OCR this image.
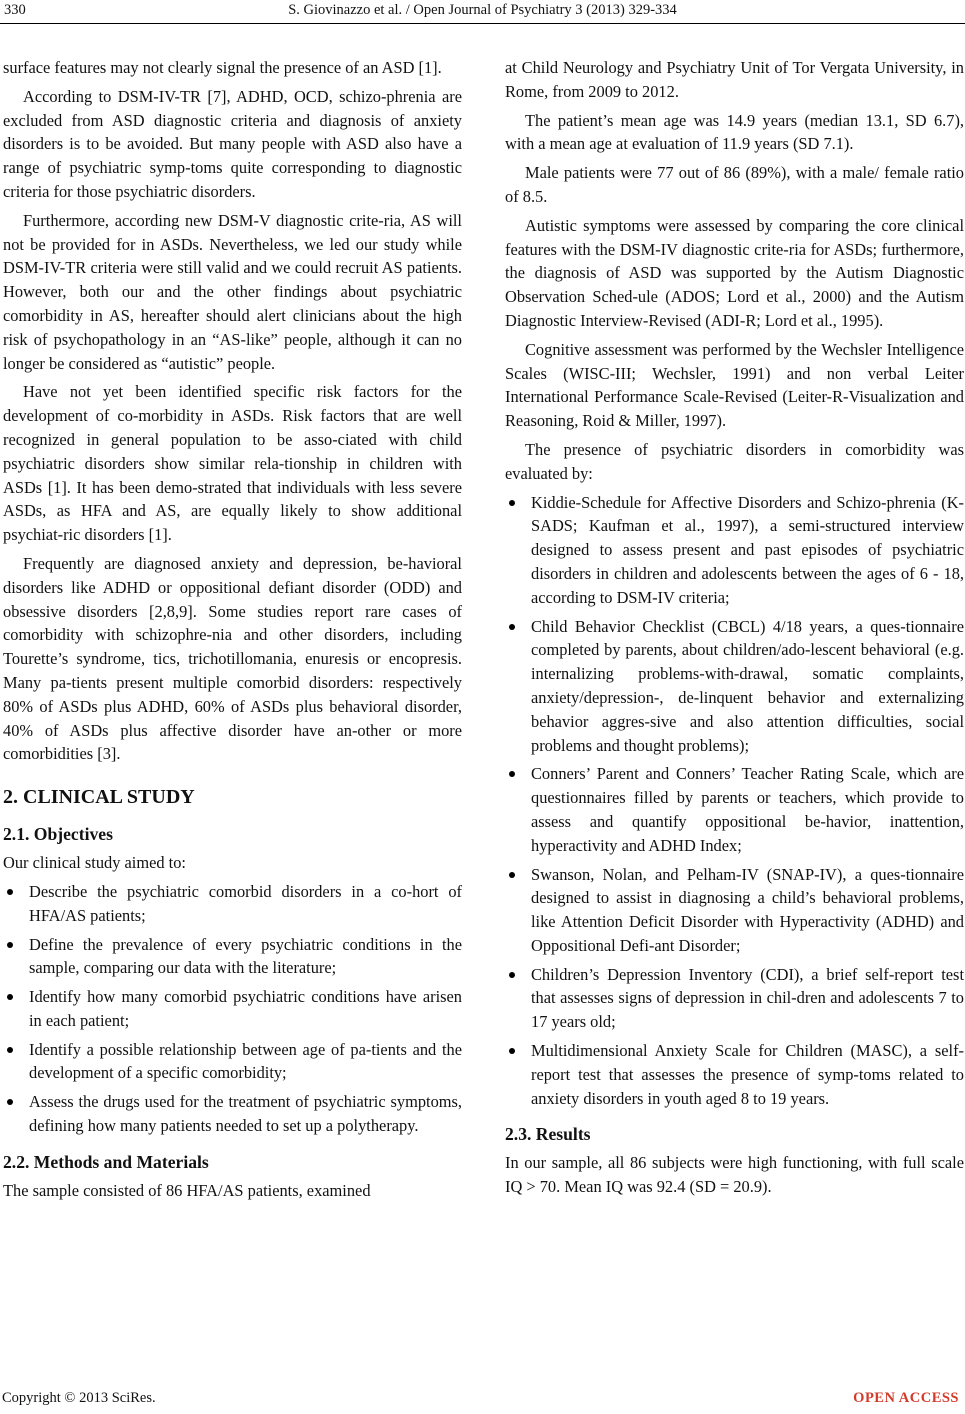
330	S. Giovinazzo et al. / Open Journal of Psychiatry 3 (2013) 329-334

surface features may not clearly signal the presence of an ASD [1].

According to DSM-IV-TR [7], ADHD, OCD, schizo-phrenia are excluded from ASD diagnostic criteria and diagnosis of anxiety disorders is to be avoided. But many people with ASD also have a range of psychiatric symp-toms quite corresponding to diagnostic criteria for those psychiatric disorders.

Furthermore, according new DSM-V diagnostic crite-ria, AS will not be provided for in ASDs. Nevertheless, we led our study while DSM-IV-TR criteria were still valid and we could recruit AS patients. However, both our and the other findings about psychiatric comorbidity in AS, hereafter should alert clinicians about the high risk of psychopathology in an “AS-like” people, although it can no longer be considered as “autistic” people.

Have not yet been identified specific risk factors for the development of co-morbidity in ASDs. Risk factors that are well recognized in general population to be asso-ciated with child psychiatric disorders show similar rela-tionship in children with ASDs [1]. It has been demo-strated that individuals with less severe ASDs, as HFA and AS, are equally likely to show additional psychiat-ric disorders [1].

Frequently are diagnosed anxiety and depression, be-havioral disorders like ADHD or oppositional defiant disorder (ODD) and obsessive disorders [2,8,9]. Some studies report rare cases of comorbidity with schizophre-nia and other disorders, including Tourette’s syndrome, tics, trichotillomania, enuresis or encopresis. Many pa-tients present multiple comorbid disorders: respectively 80% of ASDs plus ADHD, 60% of ASDs plus behavioral disorder, 40% of ASDs plus affective disorder have an-other or more comorbidities [3].

2. CLINICAL STUDY
2.1. Objectives

Our clinical study aimed to:

Describe the psychiatric comorbid disorders in a co-hort of HFA/AS patients;
Define the prevalence of every psychiatric conditions in the sample, comparing our data with the literature;
Identify how many comorbid psychiatric conditions have arisen in each patient;
Identify a possible relationship between age of pa-tients and the development of a specific comorbidity;
Assess the drugs used for the treatment of psychiatric symptoms, defining how many patients needed to set up a polytherapy.
2.2. Methods and Materials

The sample consisted of 86 HFA/AS patients, examined

at Child Neurology and Psychiatry Unit of Tor Vergata University, in Rome, from 2009 to 2012.

The patient’s mean age was 14.9 years (median 13.1, SD 6.7), with a mean age at evaluation of 11.9 years (SD 7.1).

Male patients were 77 out of 86 (89%), with a male/ female ratio of 8.5.

Autistic symptoms were assessed by comparing the core clinical features with the DSM-IV diagnostic crite-ria for ASDs; furthermore, the diagnosis of ASD was supported by the Autism Diagnostic Observation Sched-ule (ADOS; Lord et al., 2000) and the Autism Diagnostic Interview-Revised (ADI-R; Lord et al., 1995).

Cognitive assessment was performed by the Wechsler Intelligence Scales (WISC-III; Wechsler, 1991) and non verbal Leiter International Performance Scale-Revised (Leiter-R-Visualization and Reasoning, Roid & Miller, 1997).

The presence of psychiatric disorders in comorbidity was evaluated by:

Kiddie-Schedule for Affective Disorders and Schizo-phrenia (K-SADS; Kaufman et al., 1997), a semi-structured interview designed to assess present and past episodes of psychiatric disorders in children and adolescents between the ages of 6 - 18, according to DSM-IV criteria;
Child Behavior Checklist (CBCL) 4/18 years, a ques-tionnaire completed by parents, about children/ado-lescent behavioral (e.g. internalizing problems-with-drawal, somatic complaints, anxiety/depression-, de-linquent behavior and externalizing behavior aggres-sive and also attention difficulties, social problems and thought problems);
Conners’ Parent and Conners’ Teacher Rating Scale, which are questionnaires filled by parents or teachers, which provide to assess and quantify oppositional be-havior, inattention, hyperactivity and ADHD Index;
Swanson, Nolan, and Pelham-IV (SNAP-IV), a ques-tionnaire designed to assist in diagnosing a child’s behavioral problems, like Attention Deficit Disorder with Hyperactivity (ADHD) and Oppositional Defi-ant Disorder;
Children’s Depression Inventory (CDI), a brief self-report test that assesses signs of depression in chil-dren and adolescents 7 to 17 years old;
Multidimensional Anxiety Scale for Children (MASC), a self-report test that assesses the presence of symp-toms related to anxiety disorders in youth aged 8 to 19 years.
2.3. Results

In our sample, all 86 subjects were high functioning, with full scale IQ > 70. Mean IQ was 92.4 (SD = 20.9).

Copyright © 2013 SciRes.	OPEN ACCESS
